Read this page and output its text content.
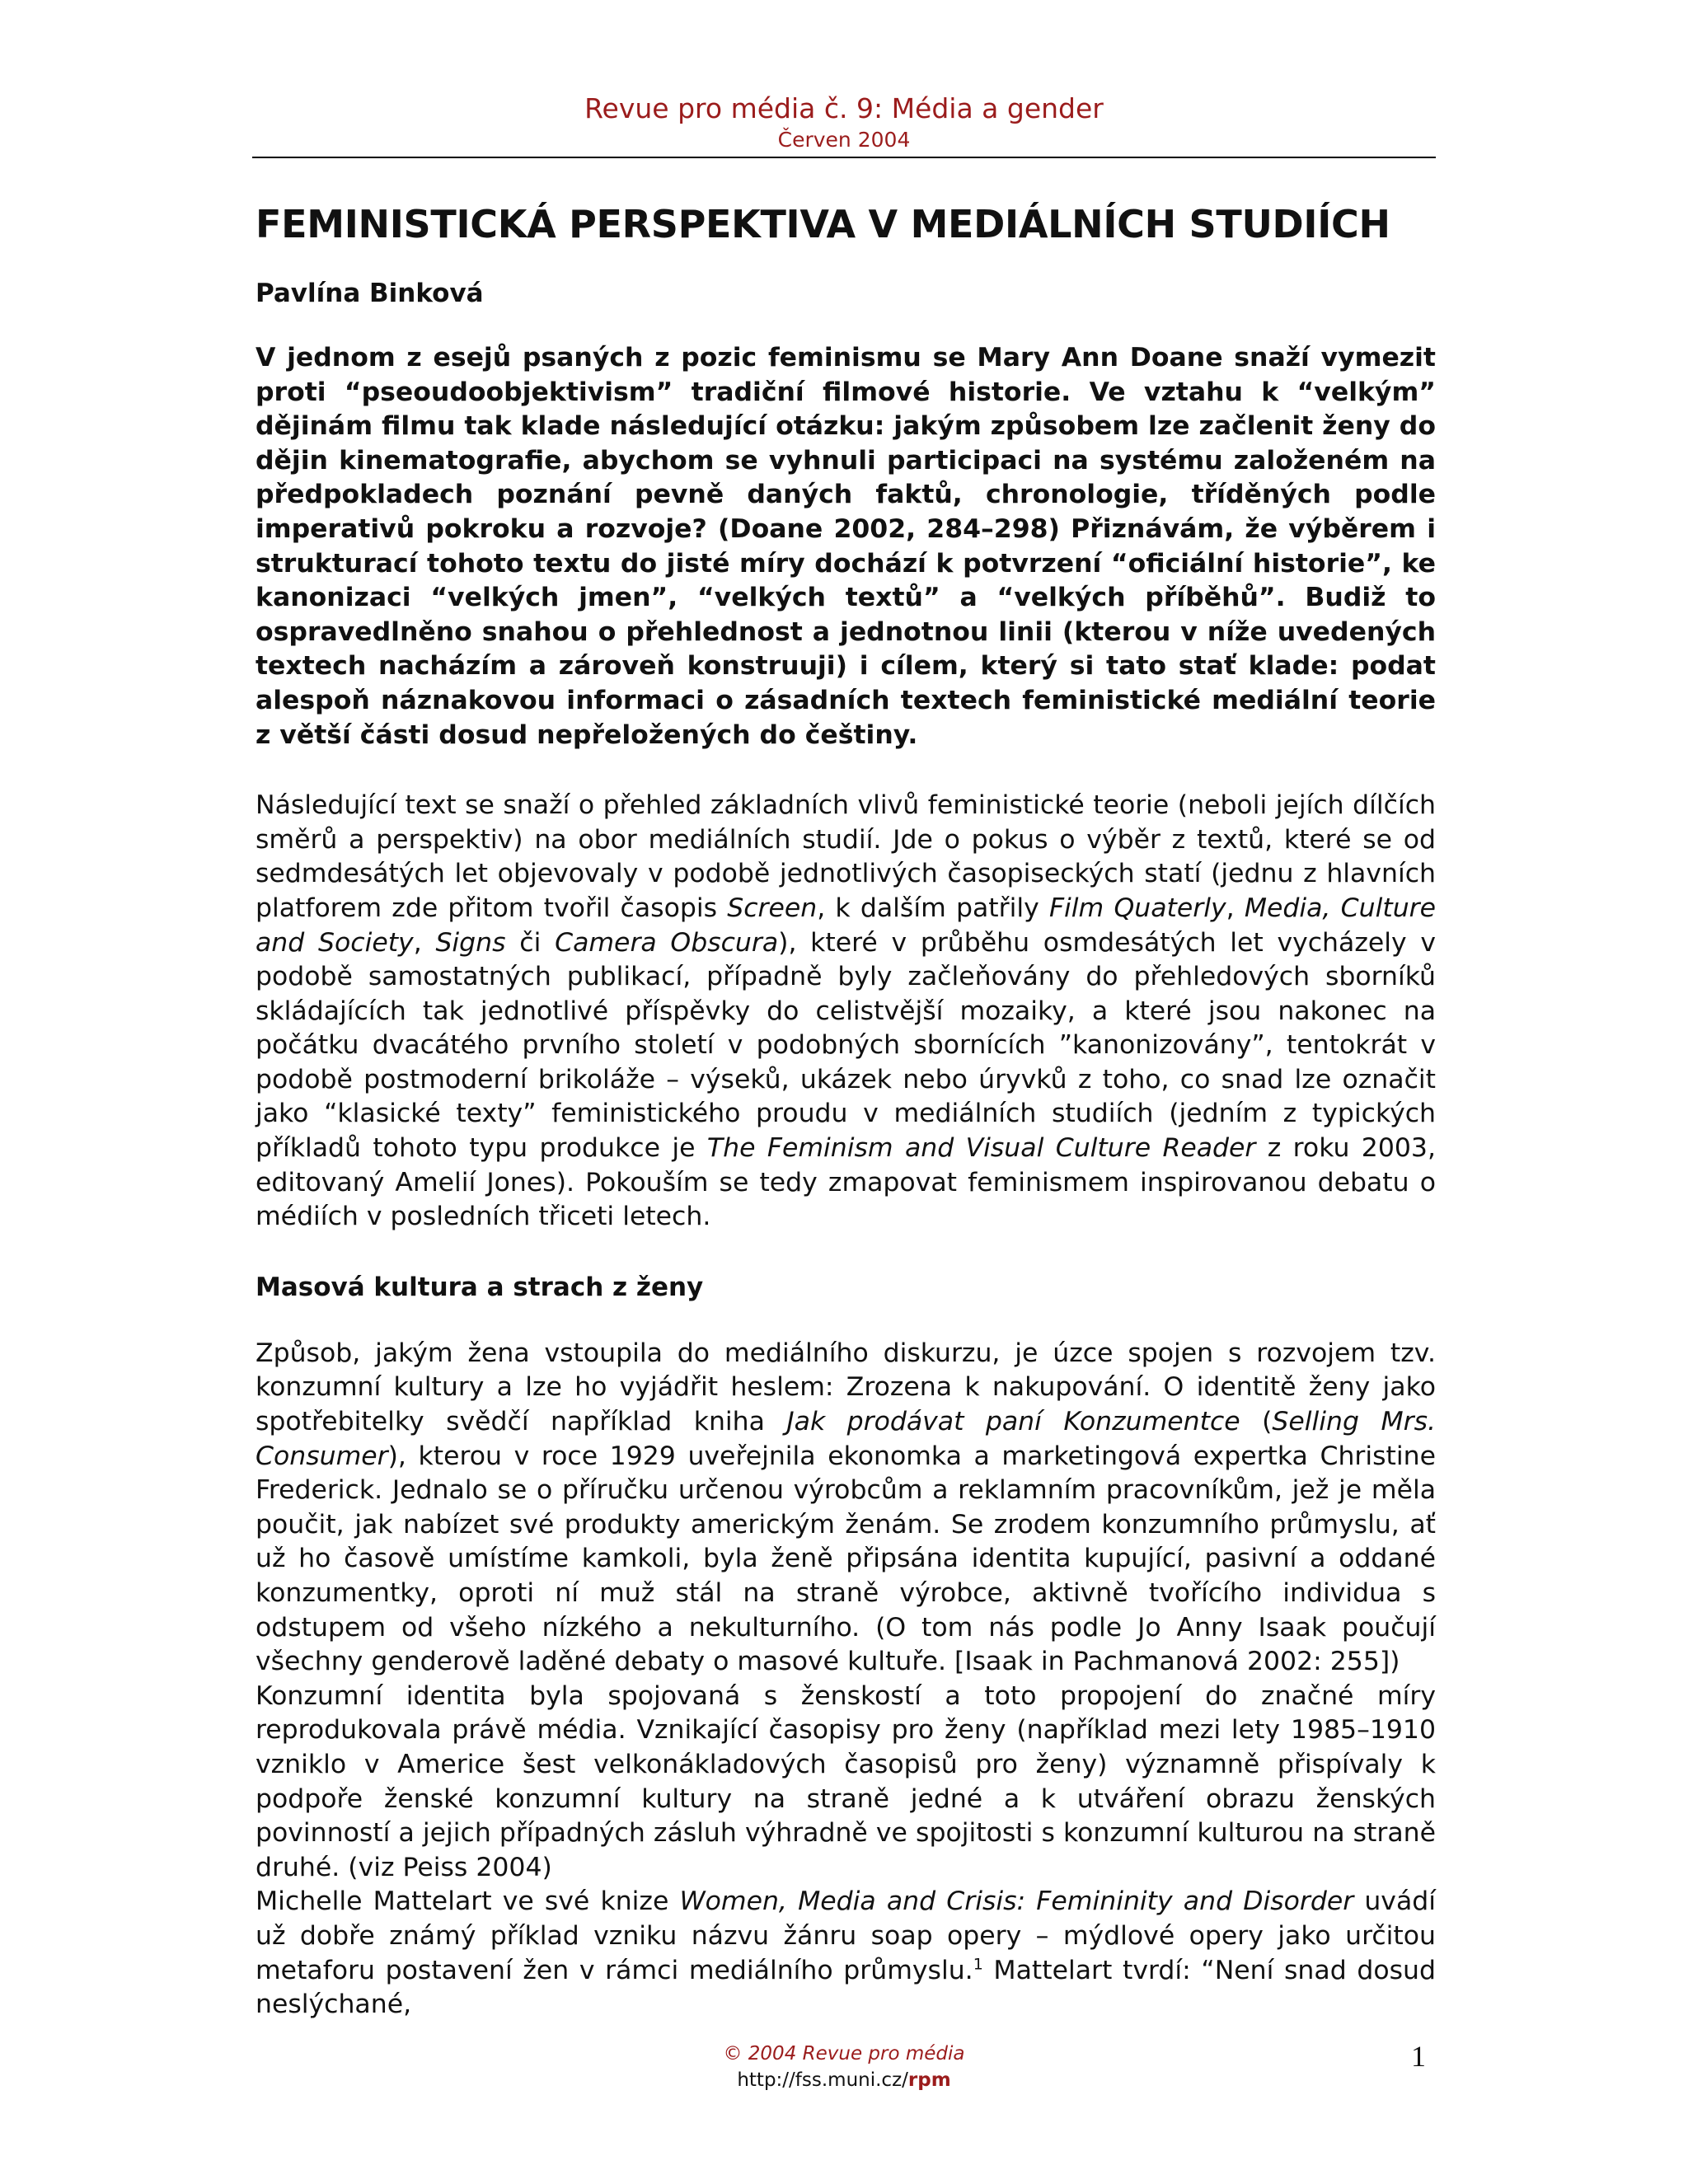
Revue pro média č. 9: Média a gender
Červen 2004
FEMINISTICKÁ PERSPEKTIVA V MEDIÁLNÍCH STUDIÍCH
Pavlína Binková

V jednom z esejů psaných z pozic feminismu se Mary Ann Doane snaží vymezit proti “pseoudoobjektivism” tradiční filmové historie. Ve vztahu k “velkým” dějinám filmu tak klade následující otázku: jakým způsobem lze začlenit ženy do dějin kinematografie, abychom se vyhnuli participaci na systému založeném na předpokladech poznání pevně daných faktů, chronologie, tříděných podle imperativů pokroku a rozvoje? (Doane 2002, 284–298) Přiznávám, že výběrem i strukturací tohoto textu do jisté míry dochází k potvrzení “oficiální historie”, ke kanonizaci “velkých jmen”, “velkých textů” a “velkých příběhů”. Budiž to ospravedlněno snahou o přehlednost a jednotnou linii (kterou v níže uvedených textech nacházím a zároveň konstruuji) i cílem, který si tato stať klade: podat alespoň náznakovou informaci o zásadních textech feministické mediální teorie z větší části dosud nepřeložených do češtiny.

Následující text se snaží o přehled základních vlivů feministické teorie (neboli jejích dílčích směrů a perspektiv) na obor mediálních studií. Jde o pokus o výběr z textů, které se od sedmdesátých let objevovaly v podobě jednotlivých časopiseckých statí (jednu z hlavních platforem zde přitom tvořil časopis Screen, k dalším patřily Film Quaterly, Media, Culture and Society, Signs či Camera Obscura), které v průběhu osmdesátých let vycházely v podobě samostatných publikací, případně byly začleňovány do přehledových sborníků skládajících tak jednotlivé příspěvky do celistvější mozaiky, a které jsou nakonec na počátku dvacátého prvního století v podobných sbornících ”kanonizovány”, tentokrát v podobě postmoderní brikoláže – výseků, ukázek nebo úryvků z toho, co snad lze označit jako “klasické texty” feministického proudu v mediálních studiích (jedním z typických příkladů tohoto typu produkce je The Feminism and Visual Culture Reader z roku 2003, editovaný Amelií Jones). Pokouším se tedy zmapovat feminismem inspirovanou debatu o médiích v posledních třiceti letech.

Masová kultura a strach z ženy

Způsob, jakým žena vstoupila do mediálního diskurzu, je úzce spojen s rozvojem tzv. konzumní kultury a lze ho vyjádřit heslem: Zrozena k nakupování. O identitě ženy jako spotřebitelky svědčí například kniha Jak prodávat paní Konzumentce (Selling Mrs. Consumer), kterou v roce 1929 uveřejnila ekonomka a marketingová expertka Christine Frederick. Jednalo se o příručku určenou výrobcům a reklamním pracovníkům, jež je měla poučit, jak nabízet své produkty americkým ženám. Se zrodem konzumního průmyslu, ať už ho časově umístíme kamkoli, byla ženě připsána identita kupující, pasivní a oddané konzumentky, oproti ní muž stál na straně výrobce, aktivně tvořícího individua s odstupem od všeho nízkého a nekulturního. (O tom nás podle Jo Anny Isaak poučují všechny genderově laděné debaty o masové kultuře. [Isaak in Pachmanová 2002: 255])

Konzumní identita byla spojovaná s ženskostí a toto propojení do značné míry reprodukovala právě média. Vznikající časopisy pro ženy (například mezi lety 1985–1910 vzniklo v Americe šest velkonákladových časopisů pro ženy) významně přispívaly k podpoře ženské konzumní kultury na straně jedné a k utváření obrazu ženských povinností a jejich případných zásluh výhradně ve spojitosti s konzumní kulturou na straně druhé. (viz Peiss 2004)

Michelle Mattelart ve své knize Women, Media and Crisis: Femininity and Disorder uvádí už dobře známý příklad vzniku názvu žánru soap opery – mýdlové opery jako určitou metaforu postavení žen v rámci mediálního průmyslu.$^1$ Mattelart tvrdí: “Není snad dosud neslýchané,

© 2004 Revue pro média
http://fss.muni.cz/rpm
1
